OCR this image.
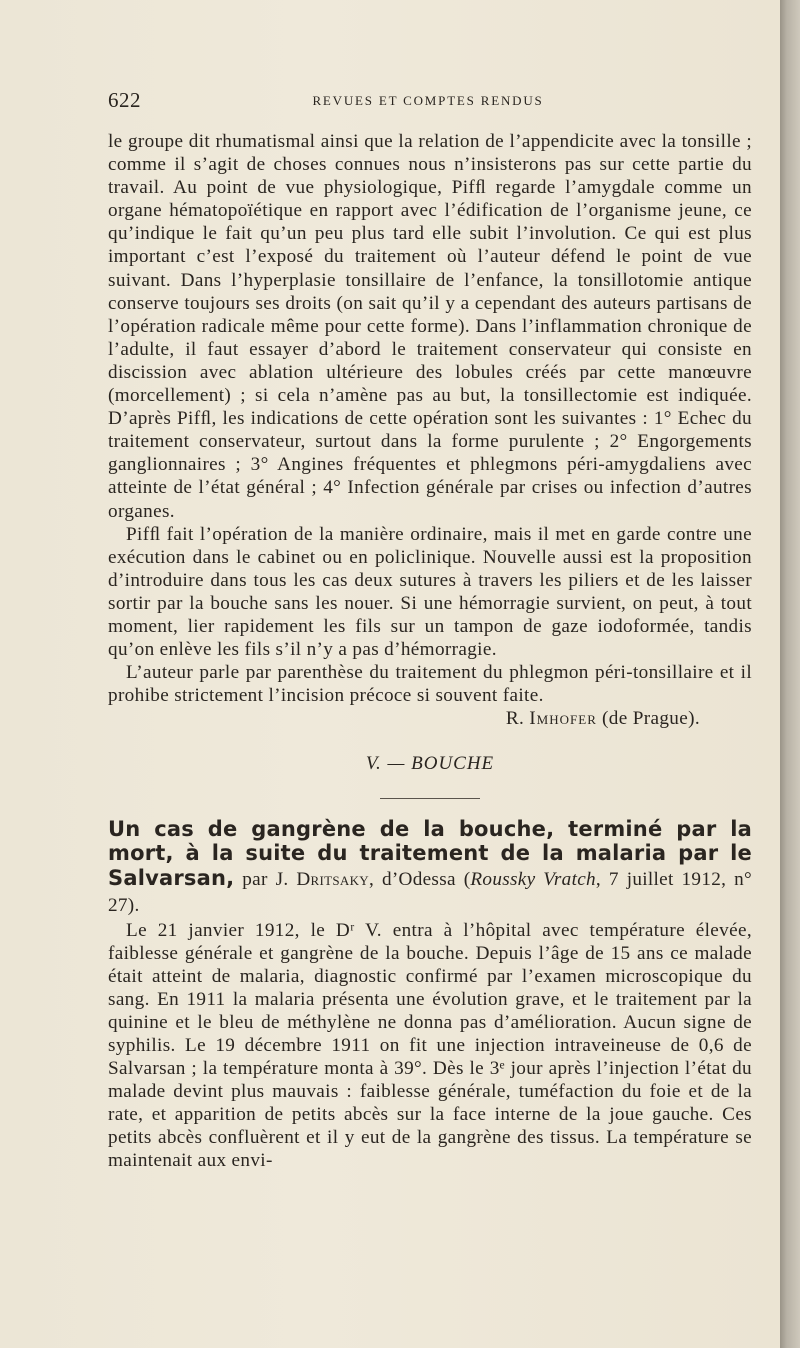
622	REVUES ET COMPTES RENDUS

le groupe dit rhumatismal ainsi que la relation de l’appendicite avec la tonsille ; comme il s’agit de choses connues nous n’insisterons pas sur cette partie du travail. Au point de vue physiologique, Pifﬂ regarde l’amygdale comme un organe hématopoïétique en rapport avec l’édification de l’organisme jeune, ce qu’indique le fait qu’un peu plus tard elle subit l’involution. Ce qui est plus important c’est l’exposé du traitement où l’auteur défend le point de vue suivant. Dans l’hyperplasie tonsillaire de l’enfance, la tonsillotomie antique conserve toujours ses droits (on sait qu’il y a cependant des auteurs partisans de l’opération radicale même pour cette forme). Dans l’inflammation chronique de l’adulte, il faut essayer d’abord le traitement conservateur qui consiste en discission avec ablation ultérieure des lobules créés par cette manœuvre (morcellement) ; si cela n’amène pas au but, la tonsillectomie est indiquée. D’après Pifﬂ, les indications de cette opération sont les suivantes : 1° Echec du traitement conservateur, surtout dans la forme purulente ; 2° Engorgements ganglionnaires ; 3° Angines fréquentes et phlegmons péri-amygdaliens avec atteinte de l’état général ; 4° Infection générale par crises ou infection d’autres organes.

Pifﬂ fait l’opération de la manière ordinaire, mais il met en garde contre une exécution dans le cabinet ou en policlinique. Nouvelle aussi est la proposition d’introduire dans tous les cas deux sutures à travers les piliers et de les laisser sortir par la bouche sans les nouer. Si une hémorragie survient, on peut, à tout moment, lier rapidement les fils sur un tampon de gaze iodoformée, tandis qu’on enlève les fils s’il n’y a pas d’hémorragie.

L’auteur parle par parenthèse du traitement du phlegmon péri-tonsillaire et il prohibe strictement l’incision précoce si souvent faite.

R. Imhofer (de Prague).

V. — BOUCHE

Un cas de gangrène de la bouche, terminé par la mort, à la suite du traitement de la malaria par le Salvarsan, par J. Dritsaky, d’Odessa (Roussky Vratch, 7 juillet 1912, n° 27).

Le 21 janvier 1912, le Dʳ V. entra à l’hôpital avec température élevée, faiblesse générale et gangrène de la bouche. Depuis l’âge de 15 ans ce malade était atteint de malaria, diagnostic confirmé par l’examen microscopique du sang. En 1911 la malaria présenta une évolution grave, et le traitement par la quinine et le bleu de méthylène ne donna pas d’amélioration. Aucun signe de syphilis. Le 19 décembre 1911 on fit une injection intraveineuse de 0,6 de Salvarsan ; la température monta à 39°. Dès le 3ᵉ jour après l’injection l’état du malade devint plus mauvais : faiblesse générale, tuméfaction du foie et de la rate, et apparition de petits abcès sur la face interne de la joue gauche. Ces petits abcès confluèrent et il y eut de la gangrène des tissus. La température se maintenait aux envi-
